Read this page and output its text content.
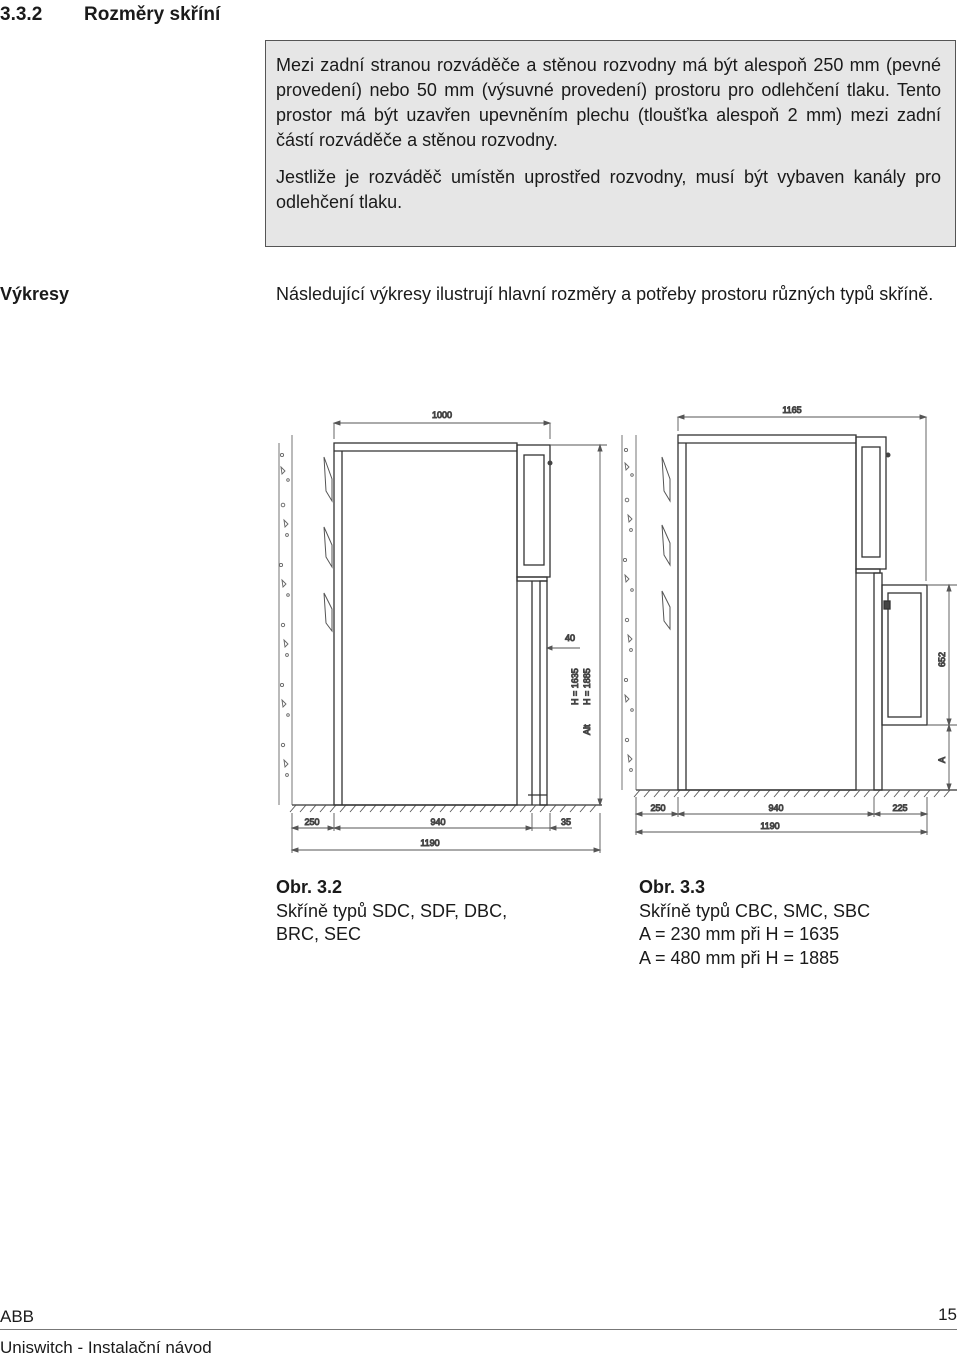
3.3.2 Rozměry skříní

Mezi zadní stranou rozváděče a stěnou rozvodny má být alespoň 250 mm (pevné provedení) nebo 50 mm (výsuvné provedení) prostoru pro odlehčení tlaku. Tento prostor má být uzavřen upevněním plechu (tloušťka alespoň 2 mm) mezi zadní částí rozváděče a stěnou rozvodny.

Jestliže je rozváděč umístěn uprostřed rozvodny, musí být vybaven kanály pro odlehčení tlaku.

Výkresy	Následující výkresy ilustrují hlavní rozměry a potřeby prostoru různých typů skříně.
1000
40
H = 1635 H = 1885
Alt
250	940	35
1190
1165
652
A
250	940	225
1190
Obr. 3.2
Skříně typů SDC, SDF, DBC,
BRC, SEC
Obr. 3.3
Skříně typů CBC, SMC, SBC
A = 230 mm při H = 1635
A = 480 mm při H = 1885
ABB	15
Uniswitch - Instalační návod
